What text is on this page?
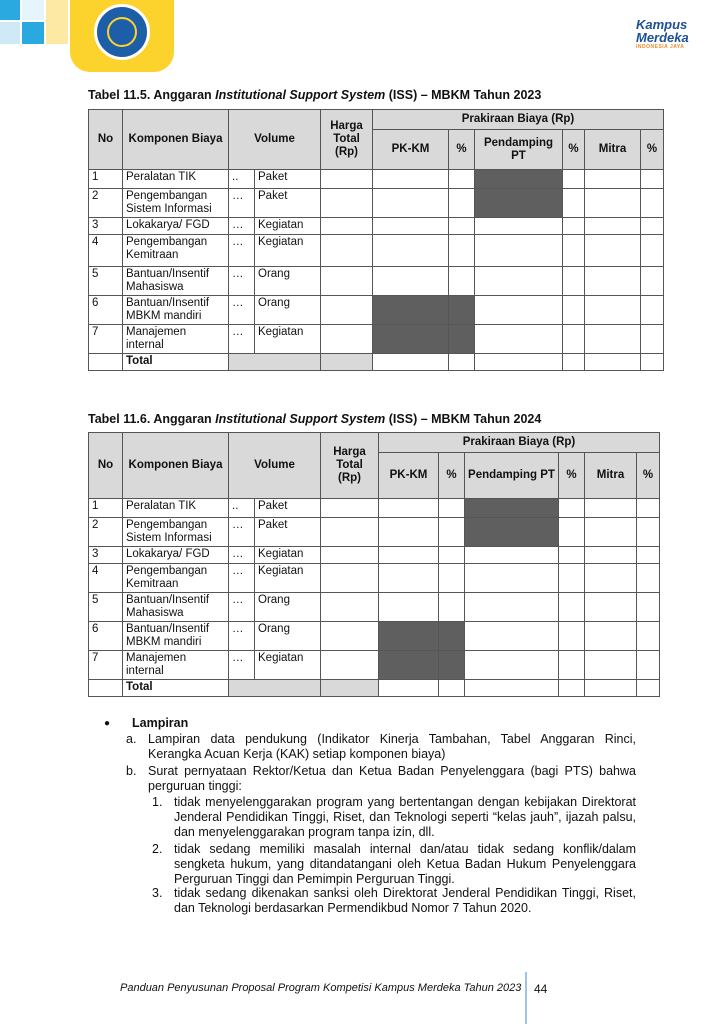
Kampus
Merdeka
INDONESIA JAYA
Tabel 11.5. Anggaran Institutional Support System (ISS) – MBKM Tahun 2023
No	Komponen Biaya	Volume		Harga Total (Rp)	Prakiraan Biaya (Rp)					
					PK-KM	%	Pendamping PT	%	Mitra	%
1	Peralatan TIK	..	Paket							
2	Pengembangan Sistem Informasi	…	Paket							
3	Lokakarya/ FGD	…	Kegiatan							
4	Pengembangan Kemitraan	…	Kegiatan							
5	Bantuan/Insentif Mahasiswa	…	Orang							
6	Bantuan/Insentif MBKM mandiri	…	Orang							
7	Manajemen internal	…	Kegiatan							
	Total									
Tabel 11.6. Anggaran Institutional Support System (ISS) – MBKM Tahun 2024
No	Komponen Biaya	Volume		Harga Total (Rp)	Prakiraan Biaya (Rp)					
					PK-KM	%	Pendamping PT	%	Mitra	%
1	Peralatan TIK	..	Paket							
2	Pengembangan Sistem Informasi	…	Paket							
3	Lokakarya/ FGD	…	Kegiatan							
4	Pengembangan Kemitraan	…	Kegiatan							
5	Bantuan/Insentif Mahasiswa	…	Orang							
6	Bantuan/Insentif MBKM mandiri	…	Orang							
7	Manajemen internal	…	Kegiatan							
	Total									
● Lampiran
a. Lampiran data pendukung (Indikator Kinerja Tambahan, Tabel Anggaran Rinci, Kerangka Acuan Kerja (KAK) setiap komponen biaya)
b. Surat pernyataan Rektor/Ketua dan Ketua Badan Penyelenggara (bagi PTS) bahwa perguruan tinggi:
1. tidak menyelenggarakan program yang bertentangan dengan kebijakan Direktorat Jenderal Pendidikan Tinggi, Riset, dan Teknologi seperti “kelas jauh”, ijazah palsu, dan menyelenggarakan program tanpa izin, dll.
2. tidak sedang memiliki masalah internal dan/atau tidak sedang konflik/dalam sengketa hukum, yang ditandatangani oleh Ketua Badan Hukum Penyelenggara Perguruan Tinggi dan Pemimpin Perguruan Tinggi.
3. tidak sedang dikenakan sanksi oleh Direktorat Jenderal Pendidikan Tinggi, Riset, dan Teknologi berdasarkan Permendikbud Nomor 7 Tahun 2020.
Panduan Penyusunan Proposal Program Kompetisi Kampus Merdeka Tahun 2023 44
